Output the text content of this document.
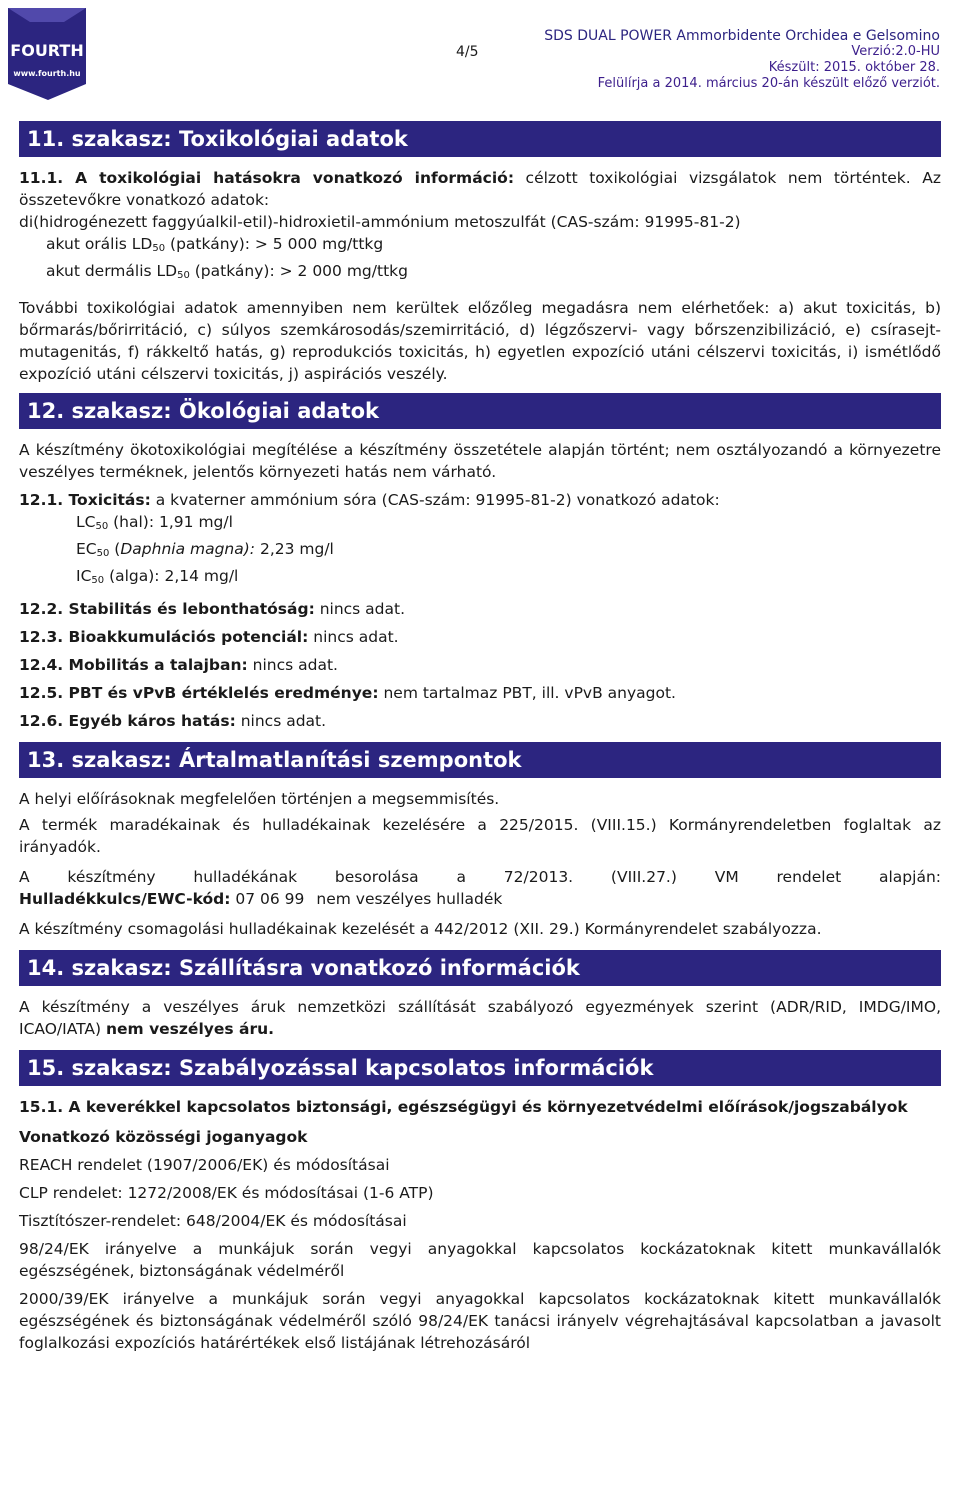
FOURTH
www.fourth.hu
4/5
SDS DUAL POWER Ammorbidente Orchidea e Gelsomino
Verzió:2.0-HU
Készült: 2015. október 28.
Felülírja a 2014. március 20-án készült előző verziót.
11. szakasz: Toxikológiai adatok

11.1. A toxikológiai hatásokra vonatkozó információ: célzott toxikológiai vizsgálatok nem történtek. Az összetevőkre vonatkozó adatok:

di(hidrogénezett faggyúalkil-etil)-hidroxietil-ammónium metoszulfát (CAS-szám: 91995-81-2)

akut orális $LD_{50}$ (patkány): > 5 000 mg/ttkg

akut dermális $LD_{50}$ (patkány): > 2 000 mg/ttkg

További toxikológiai adatok amennyiben nem kerültek előzőleg megadásra nem elérhetőek: a) akut toxicitás, b) bőrmarás/bőrirritáció, c) súlyos szemkárosodás/szemirritáció, d) légzőszervi- vagy bőrszenzibilizáció, e) csírasejt-mutagenitás, f) rákkeltő hatás, g) reprodukciós toxicitás, h) egyetlen expozíció utáni célszervi toxicitás, i) ismétlődő expozíció utáni célszervi toxicitás, j) aspirációs veszély.

12. szakasz: Ökológiai adatok

A készítmény ökotoxikológiai megítélése a készítmény összetétele alapján történt; nem osztályozandó a környezetre veszélyes terméknek, jelentős környezeti hatás nem várható.

12.1. Toxicitás: a kvaterner ammónium sóra (CAS-szám: 91995-81-2) vonatkozó adatok:

$LC_{50}$ (hal): 1,91 mg/l

$EC_{50}$ (Daphnia magna): 2,23 mg/l

$IC_{50}$ (alga): 2,14 mg/l

12.2. Stabilitás és lebonthatóság: nincs adat.

12.3. Bioakkumulációs potenciál: nincs adat.

12.4. Mobilitás a talajban: nincs adat.

12.5. PBT és vPvB értéklelés eredménye: nem tartalmaz PBT, ill. vPvB anyagot.

12.6. Egyéb káros hatás: nincs adat.

13. szakasz: Ártalmatlanítási szempontok

A helyi előírásoknak megfelelően történjen a megsemmisítés.

A termék maradékainak és hulladékainak kezelésére a 225/2015. (VIII.15.) Kormányrendeletben foglaltak az irányadók.

A készítmény hulladékának besorolása a 72/2013. (VIII.27.) VM rendelet alapján:

Hulladékkulcs/EWC-kód: 07 06 99 nem veszélyes hulladék

A készítmény csomagolási hulladékainak kezelését a 442/2012 (XII. 29.) Kormányrendelet szabályozza.

14. szakasz: Szállításra vonatkozó információk

A készítmény a veszélyes áruk nemzetközi szállítását szabályozó egyezmények szerint (ADR/RID, IMDG/IMO, ICAO/IATA) nem veszélyes áru.

15. szakasz: Szabályozással kapcsolatos információk

15.1. A keverékkel kapcsolatos biztonsági, egészségügyi és környezetvédelmi előírások/jogszabályok

Vonatkozó közösségi joganyagok

REACH rendelet (1907/2006/EK) és módosításai

CLP rendelet: 1272/2008/EK és módosításai (1-6 ATP)

Tisztítószer-rendelet: 648/2004/EK és módosításai

98/24/EK irányelve a munkájuk során vegyi anyagokkal kapcsolatos kockázatoknak kitett munkavállalók egészségének, biztonságának védelméről

2000/39/EK irányelve a munkájuk során vegyi anyagokkal kapcsolatos kockázatoknak kitett munkavállalók egészségének és biztonságának védelméről szóló 98/24/EK tanácsi irányelv végrehajtásával kapcsolatban a javasolt foglalkozási expozíciós határértékek első listájának létrehozásáról
